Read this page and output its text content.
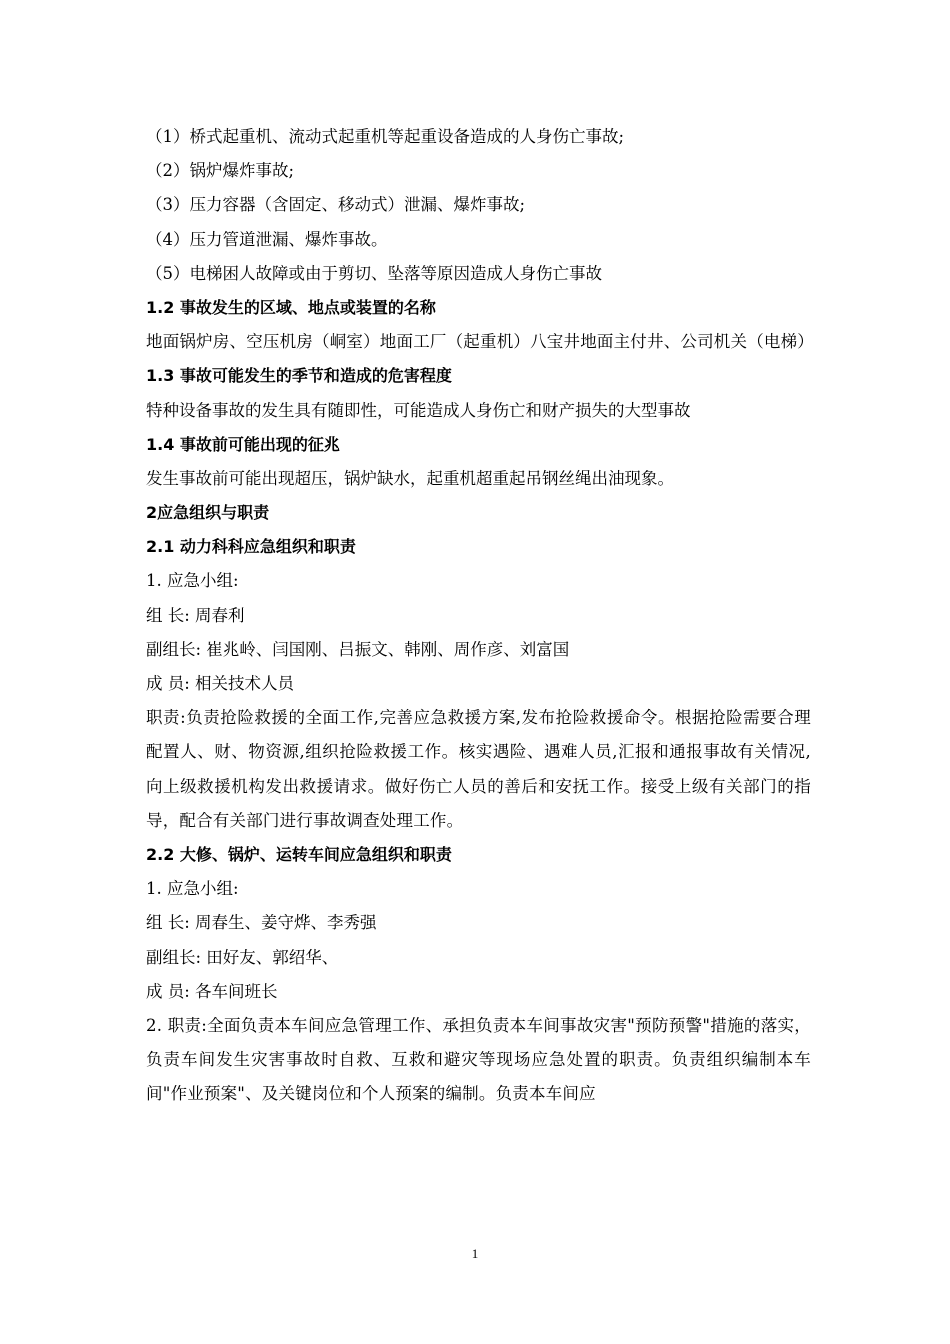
（1）桥式起重机、流动式起重机等起重设备造成的人身伤亡事故;
（2）锅炉爆炸事故;
（3）压力容器（含固定、移动式）泄漏、爆炸事故;
（4）压力管道泄漏、爆炸事故。
（5）电梯困人故障或由于剪切、坠落等原因造成人身伤亡事故
1.2 事故发生的区域、地点或装置的名称
地面锅炉房、空压机房（峒室）地面工厂（起重机）八宝井地面主付井、公司机关（电梯）
1.3 事故可能发生的季节和造成的危害程度
特种设备事故的发生具有随即性，可能造成人身伤亡和财产损失的大型事故
1.4 事故前可能出现的征兆
发生事故前可能出现超压，锅炉缺水，起重机超重起吊钢丝绳出油现象。
2应急组织与职责
2.1 动力科科应急组织和职责
1. 应急小组:
组 长: 周春利
副组长: 崔兆岭、闫国刚、吕振文、韩刚、周作彦、刘富国
成 员: 相关技术人员
职责:负责抢险救援的全面工作,完善应急救援方案,发布抢险救援命令。根据抢险需要合理配置人、财、物资源,组织抢险救援工作。核实遇险、遇难人员,汇报和通报事故有关情况,向上级救援机构发出救援请求。做好伤亡人员的善后和安抚工作。接受上级有关部门的指导，配合有关部门进行事故调查处理工作。
2.2 大修、锅炉、运转车间应急组织和职责
1. 应急小组:
组 长: 周春生、姜守烨、李秀强
副组长: 田好友、郭绍华、
成 员: 各车间班长
2. 职责:全面负责本车间应急管理工作、承担负责本车间事故灾害"预防预警"措施的落实，负责车间发生灾害事故时自救、互救和避灾等现场应急处置的职责。负责组织编制本车间"作业预案"、及关键岗位和个人预案的编制。负责本车间应
1
